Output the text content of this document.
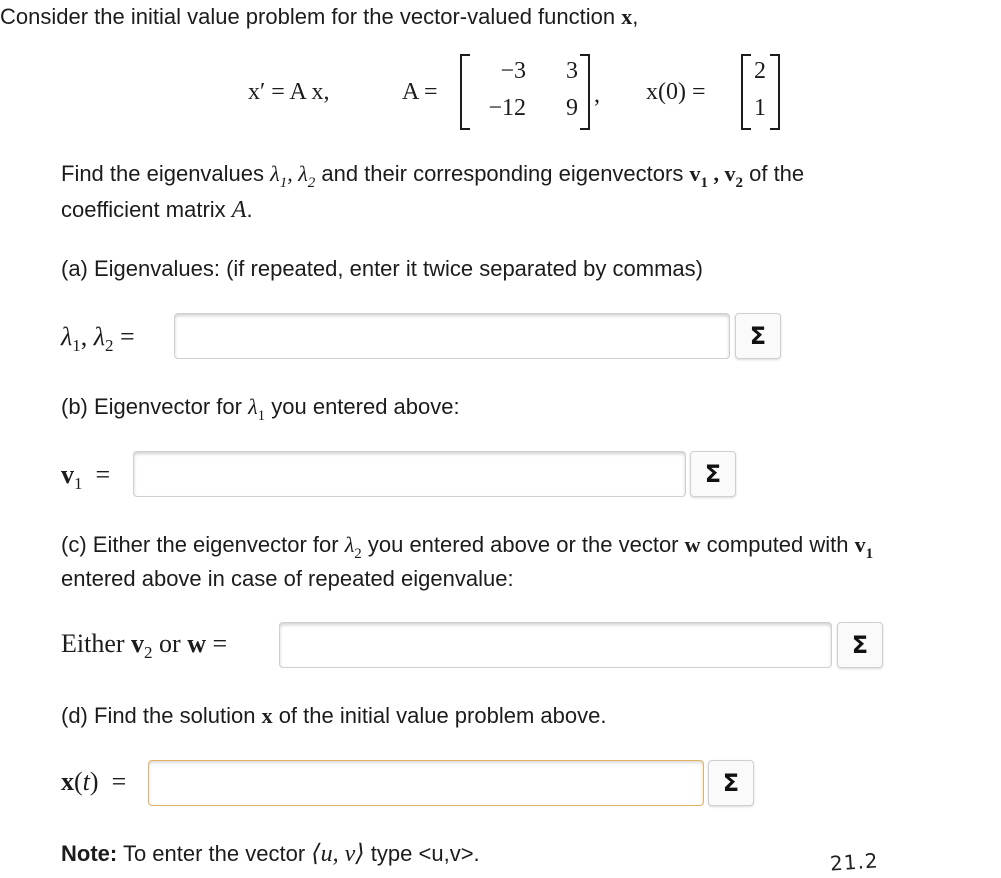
Consider the initial value problem for the vector-valued function x,
x′ = A x,	A =
−3	3
−12	9 , x(0) =
2
1
Find the eigenvalues $\lambda_1$, $\lambda_2$ and their corresponding eigenvectors $v_1$ , $v_2$ of the
coefficient matrix A.
(a) Eigenvalues: (if repeated, enter it twice separated by commas)
$\lambda_1$, $\lambda_2$ =	Σ
(b) Eigenvector for $\lambda_1$ you entered above:
$v_1$  =	Σ
(c) Either the eigenvector for $\lambda_2$ you entered above or the vector w computed with $v_1$
entered above in case of repeated eigenvalue:
Either $v_2$ or w =	Σ
(d) Find the solution x of the initial value problem above.
x(t)  =	Σ
Note: To enter the vector ⟨u, v⟩ type <u,v>.	21.2
